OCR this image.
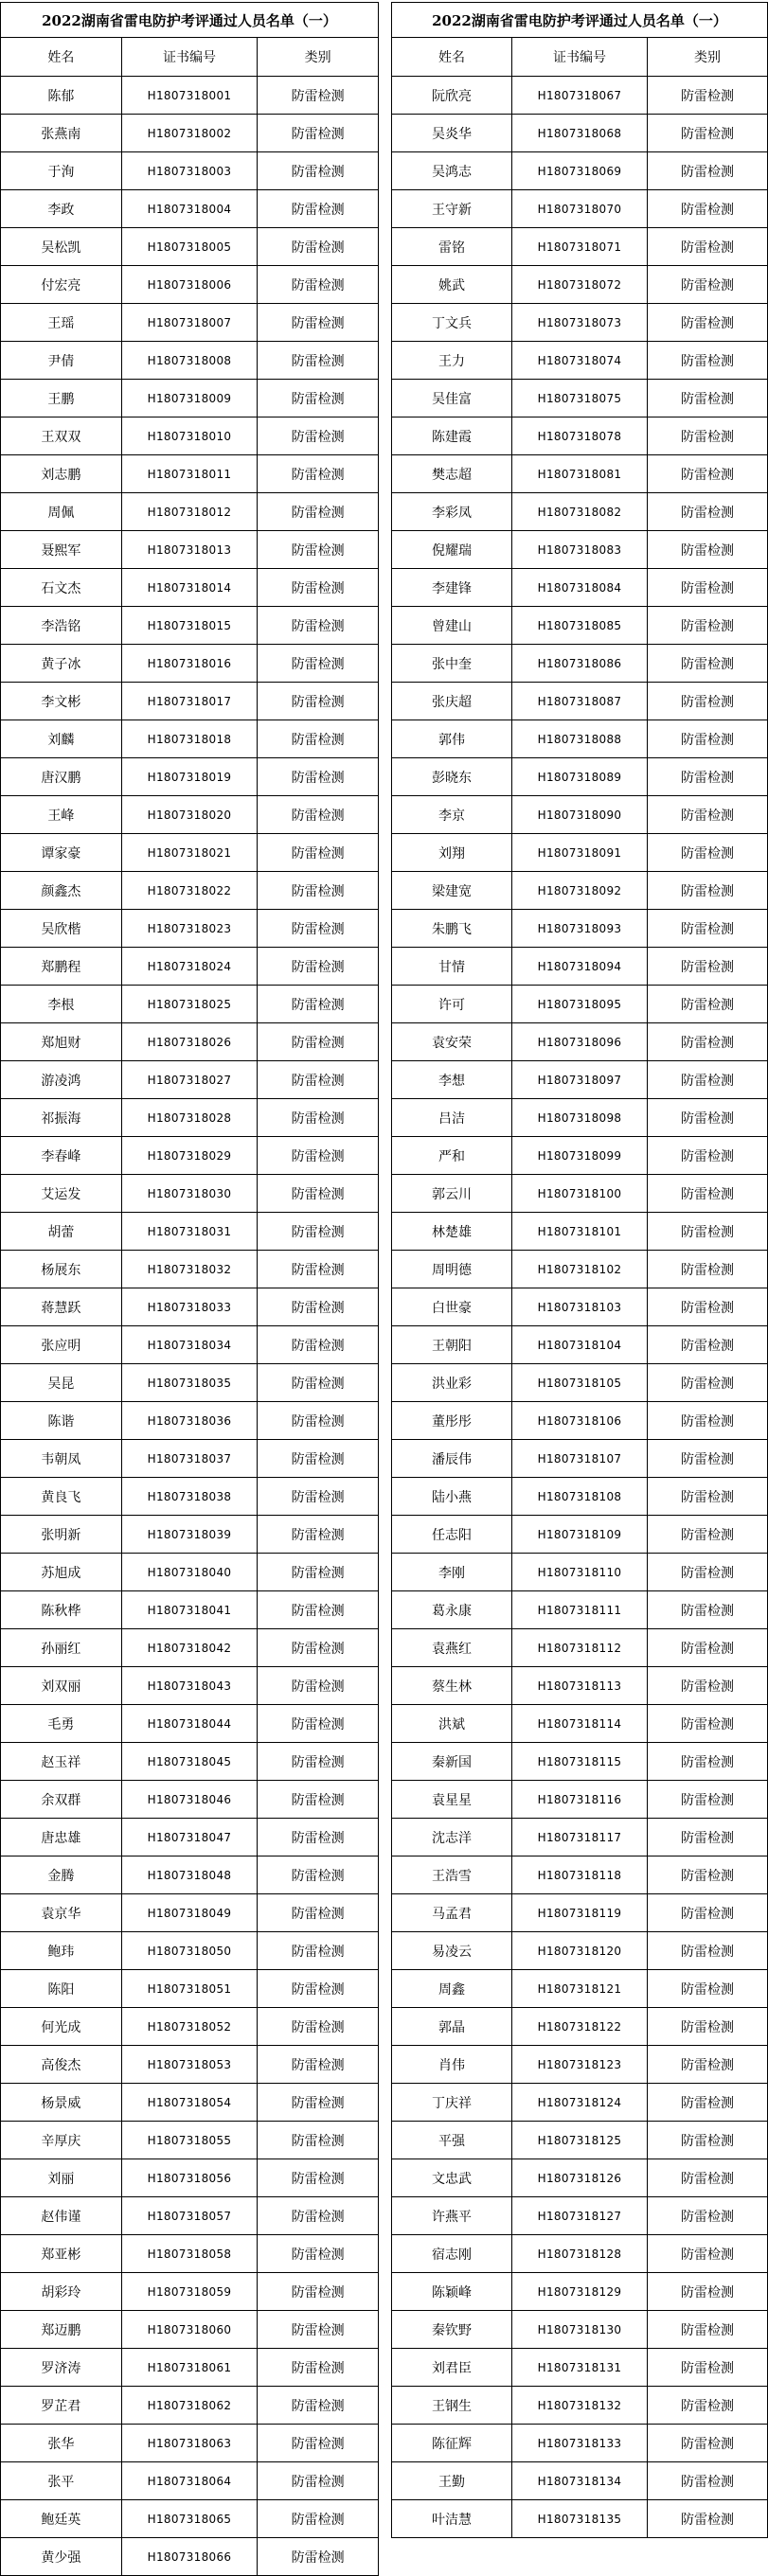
2022湖南省雷电防护考评通过人员名单（一）		
姓名	证书编号	类别
陈郁	H1807318001	防雷检测
张燕南	H1807318002	防雷检测
于洵	H1807318003	防雷检测
李政	H1807318004	防雷检测
吴松凯	H1807318005	防雷检测
付宏亮	H1807318006	防雷检测
王瑶	H1807318007	防雷检测
尹倩	H1807318008	防雷检测
王鹏	H1807318009	防雷检测
王双双	H1807318010	防雷检测
刘志鹏	H1807318011	防雷检测
周佩	H1807318012	防雷检测
聂熙军	H1807318013	防雷检测
石文杰	H1807318014	防雷检测
李浩铭	H1807318015	防雷检测
黄子冰	H1807318016	防雷检测
李文彬	H1807318017	防雷检测
刘麟	H1807318018	防雷检测
唐汉鹏	H1807318019	防雷检测
王峰	H1807318020	防雷检测
谭家豪	H1807318021	防雷检测
颜鑫杰	H1807318022	防雷检测
吴欣楷	H1807318023	防雷检测
郑鹏程	H1807318024	防雷检测
李根	H1807318025	防雷检测
郑旭财	H1807318026	防雷检测
游凌鸿	H1807318027	防雷检测
祁振海	H1807318028	防雷检测
李春峰	H1807318029	防雷检测
艾运发	H1807318030	防雷检测
胡蕾	H1807318031	防雷检测
杨展东	H1807318032	防雷检测
蒋慧跃	H1807318033	防雷检测
张应明	H1807318034	防雷检测
吴昆	H1807318035	防雷检测
陈谐	H1807318036	防雷检测
韦朝凤	H1807318037	防雷检测
黄良飞	H1807318038	防雷检测
张明新	H1807318039	防雷检测
苏旭成	H1807318040	防雷检测
陈秋桦	H1807318041	防雷检测
孙丽红	H1807318042	防雷检测
刘双丽	H1807318043	防雷检测
毛勇	H1807318044	防雷检测
赵玉祥	H1807318045	防雷检测
余双群	H1807318046	防雷检测
唐忠雄	H1807318047	防雷检测
金腾	H1807318048	防雷检测
袁京华	H1807318049	防雷检测
鲍玮	H1807318050	防雷检测
陈阳	H1807318051	防雷检测
何光成	H1807318052	防雷检测
高俊杰	H1807318053	防雷检测
杨景威	H1807318054	防雷检测
辛厚庆	H1807318055	防雷检测
刘丽	H1807318056	防雷检测
赵伟谨	H1807318057	防雷检测
郑亚彬	H1807318058	防雷检测
胡彩玲	H1807318059	防雷检测
郑迈鹏	H1807318060	防雷检测
罗济涛	H1807318061	防雷检测
罗芷君	H1807318062	防雷检测
张华	H1807318063	防雷检测
张平	H1807318064	防雷检测
鲍廷英	H1807318065	防雷检测
黄少强	H1807318066	防雷检测
2022湖南省雷电防护考评通过人员名单（一）		
姓名	证书编号	类别
阮欣亮	H1807318067	防雷检测
吴炎华	H1807318068	防雷检测
吴鸿志	H1807318069	防雷检测
王守新	H1807318070	防雷检测
雷铭	H1807318071	防雷检测
姚武	H1807318072	防雷检测
丁文兵	H1807318073	防雷检测
王力	H1807318074	防雷检测
吴佳富	H1807318075	防雷检测
陈建霞	H1807318078	防雷检测
樊志超	H1807318081	防雷检测
李彩凤	H1807318082	防雷检测
倪耀瑞	H1807318083	防雷检测
李建锋	H1807318084	防雷检测
曾建山	H1807318085	防雷检测
张中奎	H1807318086	防雷检测
张庆超	H1807318087	防雷检测
郭伟	H1807318088	防雷检测
彭晓东	H1807318089	防雷检测
李京	H1807318090	防雷检测
刘翔	H1807318091	防雷检测
梁建宽	H1807318092	防雷检测
朱鹏飞	H1807318093	防雷检测
甘情	H1807318094	防雷检测
许可	H1807318095	防雷检测
袁安荣	H1807318096	防雷检测
李想	H1807318097	防雷检测
吕洁	H1807318098	防雷检测
严和	H1807318099	防雷检测
郭云川	H1807318100	防雷检测
林楚雄	H1807318101	防雷检测
周明德	H1807318102	防雷检测
白世豪	H1807318103	防雷检测
王朝阳	H1807318104	防雷检测
洪业彩	H1807318105	防雷检测
董彤彤	H1807318106	防雷检测
潘辰伟	H1807318107	防雷检测
陆小燕	H1807318108	防雷检测
任志阳	H1807318109	防雷检测
李刚	H1807318110	防雷检测
葛永康	H1807318111	防雷检测
袁燕红	H1807318112	防雷检测
蔡生林	H1807318113	防雷检测
洪斌	H1807318114	防雷检测
秦新国	H1807318115	防雷检测
袁星星	H1807318116	防雷检测
沈志洋	H1807318117	防雷检测
王浩雪	H1807318118	防雷检测
马孟君	H1807318119	防雷检测
易凌云	H1807318120	防雷检测
周鑫	H1807318121	防雷检测
郭晶	H1807318122	防雷检测
肖伟	H1807318123	防雷检测
丁庆祥	H1807318124	防雷检测
平强	H1807318125	防雷检测
文忠武	H1807318126	防雷检测
许燕平	H1807318127	防雷检测
宿志刚	H1807318128	防雷检测
陈颖峰	H1807318129	防雷检测
秦钦野	H1807318130	防雷检测
刘君臣	H1807318131	防雷检测
王钢生	H1807318132	防雷检测
陈征辉	H1807318133	防雷检测
王勤	H1807318134	防雷检测
叶洁慧	H1807318135	防雷检测
